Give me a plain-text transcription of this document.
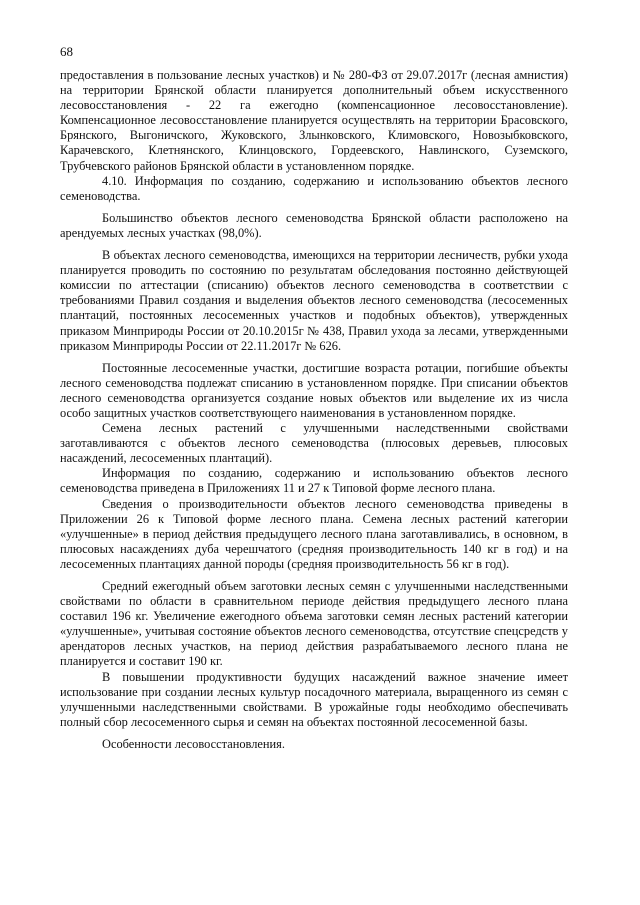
68

предоставления в пользование лесных участков) и № 280-ФЗ от 29.07.2017г (лесная амнистия) на территории Брянской области планируется дополнительный объем искусственного лесовосстановления - 22 га ежегодно (компенсационное лесовосстановление). Компенсационное лесовосстановление планируется осуществлять на территории Брасовского, Брянского, Выгоничского, Жуковского, Злынковского, Климовского, Новозыбковского, Карачевского, Клетнянского, Клинцовского, Гордеевского, Навлинского, Суземского, Трубчевского районов Брянской области в установленном порядке.

4.10. Информация по созданию, содержанию и использованию объектов лесного семеноводства.

Большинство объектов лесного семеноводства Брянской области расположено на арендуемых лесных участках (98,0%).

В объектах лесного семеноводства, имеющихся на территории лесничеств, рубки ухода планируется проводить по состоянию по результатам обследования постоянно действующей комиссии по аттестации (списанию) объектов лесного семеноводства в соответствии с требованиями Правил создания и выделения объектов лесного семеноводства (лесосеменных плантаций, постоянных лесосеменных участков и подобных объектов), утвержденных приказом Минприроды России от 20.10.2015г № 438, Правил ухода за лесами, утвержденными приказом Минприроды России от 22.11.2017г № 626.

Постоянные лесосеменные участки, достигшие возраста ротации, погибшие объекты лесного семеноводства подлежат списанию в установленном порядке. При списании объектов лесного семеноводства организуется создание новых объектов или выделение их из числа особо защитных участков соответствующего наименования в установленном порядке.

Семена лесных растений с улучшенными наследственными свойствами заготавливаются с объектов лесного семеноводства (плюсовых деревьев, плюсовых насаждений, лесосеменных плантаций).

Информация по созданию, содержанию и использованию объектов лесного семеноводства приведена в Приложениях 11 и 27 к Типовой форме лесного плана.

Сведения о производительности объектов лесного семеноводства приведены в Приложении 26 к Типовой форме лесного плана. Семена лесных растений категории «улучшенные» в период действия предыдущего лесного плана заготавливались, в основном, в плюсовых насаждениях дуба черешчатого (средняя производительность 140 кг в год) и на лесосеменных плантациях данной породы (средняя производительность 56 кг в год).

Средний ежегодный объем заготовки лесных семян с улучшенными наследственными свойствами по области в сравнительном периоде действия предыдущего лесного плана составил 196 кг. Увеличение ежегодного объема заготовки семян лесных растений категории «улучшенные», учитывая состояние объектов лесного семеноводства, отсутствие спецсредств у арендаторов лесных участков, на период действия разрабатываемого лесного плана не планируется и составит 190 кг.

В повышении продуктивности будущих насаждений важное значение имеет использование при создании лесных культур посадочного материала, выращенного из семян с улучшенными наследственными свойствами. В урожайные годы необходимо обеспечивать полный сбор лесосеменного сырья и семян на объектах постоянной лесосеменной базы.

Особенности лесовосстановления.
